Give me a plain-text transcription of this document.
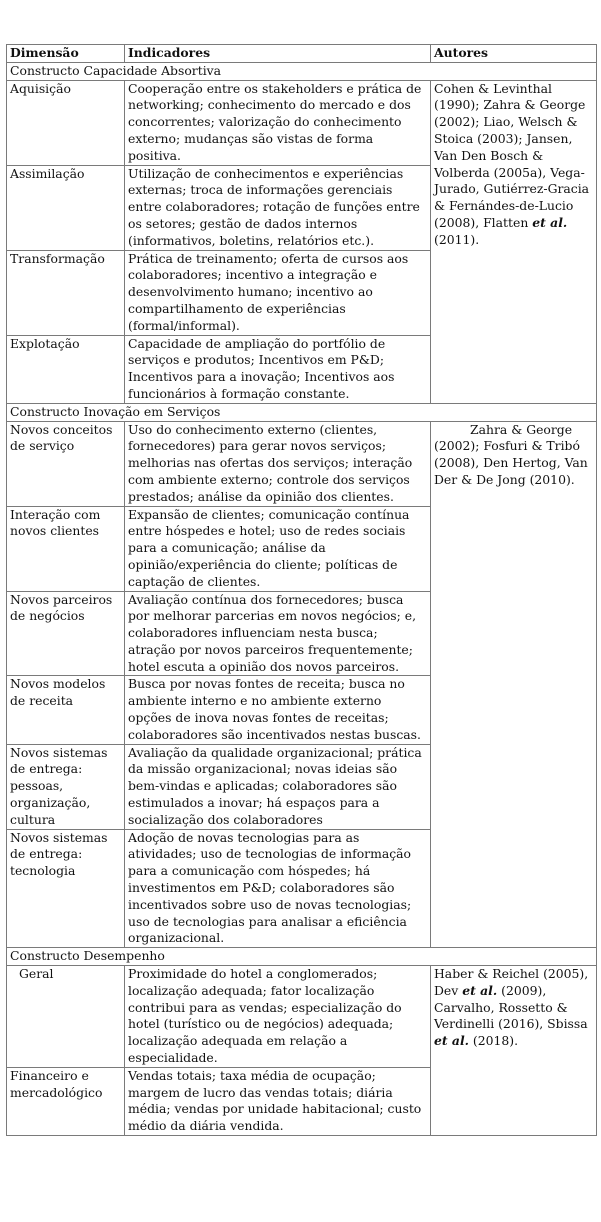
Dimensão	Indicadores	Autores
Constructo Capacidade Absortiva		
Aquisição	Cooperação entre os stakeholders e prática de networking; conhecimento do mercado e dos concorrentes; valorização do conhecimento externo; mudanças são vistas de forma positiva.	Cohen & Levinthal (1990); Zahra & George (2002); Liao, Welsch & Stoica (2003); Jansen, Van Den Bosch & Volberda (2005a), Vega-Jurado, Gutiérrez-Gracia & Fernándes-de-Lucio (2008), Flatten et al. (2011).
Assimilação	Utilização de conhecimentos e experiências externas; troca de informações gerenciais entre colaboradores; rotação de funções entre os setores; gestão de dados internos (informativos, boletins, relatórios etc.).	
Transformação	Prática de treinamento; oferta de cursos aos colaboradores; incentivo a integração e desenvolvimento humano; incentivo ao compartilhamento de experiências (formal/informal).	
Explotação	Capacidade de ampliação do portfólio de serviços e produtos; Incentivos em P&D; Incentivos para a inovação; Incentivos aos funcionários à formação constante.	
Constructo Inovação em Serviços		
Novos conceitos de serviço	Uso do conhecimento externo (clientes, fornecedores) para gerar novos serviços; melhorias nas ofertas dos serviços; interação com ambiente externo; controle dos serviços prestados; análise da opinião dos clientes.	Zahra & George (2002); Fosfuri & Tribó (2008), Den Hertog, Van Der & De Jong (2010).

Interação com novos clientes	Expansão de clientes; comunicação contínua entre hóspedes e hotel; uso de redes sociais para a comunicação; análise da opinião/experiência do cliente; políticas de captação de clientes.	
Novos parceiros de negócios	Avaliação contínua dos fornecedores; busca por melhorar parcerias em novos negócios; e, colaboradores influenciam nesta busca; atração por novos parceiros frequentemente; hotel escuta a opinião dos novos parceiros.	
Novos modelos de receita	Busca por novas fontes de receita; busca no ambiente interno e no ambiente externo opções de inova novas fontes de receitas; colaboradores são incentivados nestas buscas.	
Novos sistemas de entrega: pessoas, organização, cultura	Avaliação da qualidade organizacional; prática da missão organizacional; novas ideias são bem-vindas e aplicadas; colaboradores são estimulados a inovar; há espaços para a socialização dos colaboradores	
Novos sistemas de entrega: tecnologia	Adoção de novas tecnologias para as atividades; uso de tecnologias de informação para a comunicação com hóspedes; há investimentos em P&D; colaboradores são incentivados sobre uso de novas tecnologias; uso de tecnologias para analisar a eficiência organizacional.	
Constructo Desempenho		
Geral	Proximidade do hotel a conglomerados; localização adequada; fator localização contribui para as vendas; especialização do hotel (turístico ou de negócios) adequada; localização adequada em relação a especialidade.	Haber & Reichel (2005), Dev et al. (2009), Carvalho, Rossetto & Verdinelli (2016), Sbissa et al. (2018).
Financeiro e mercadológico	Vendas totais; taxa média de ocupação; margem de lucro das vendas totais; diária média; vendas por unidade habitacional; custo médio da diária vendida.	
